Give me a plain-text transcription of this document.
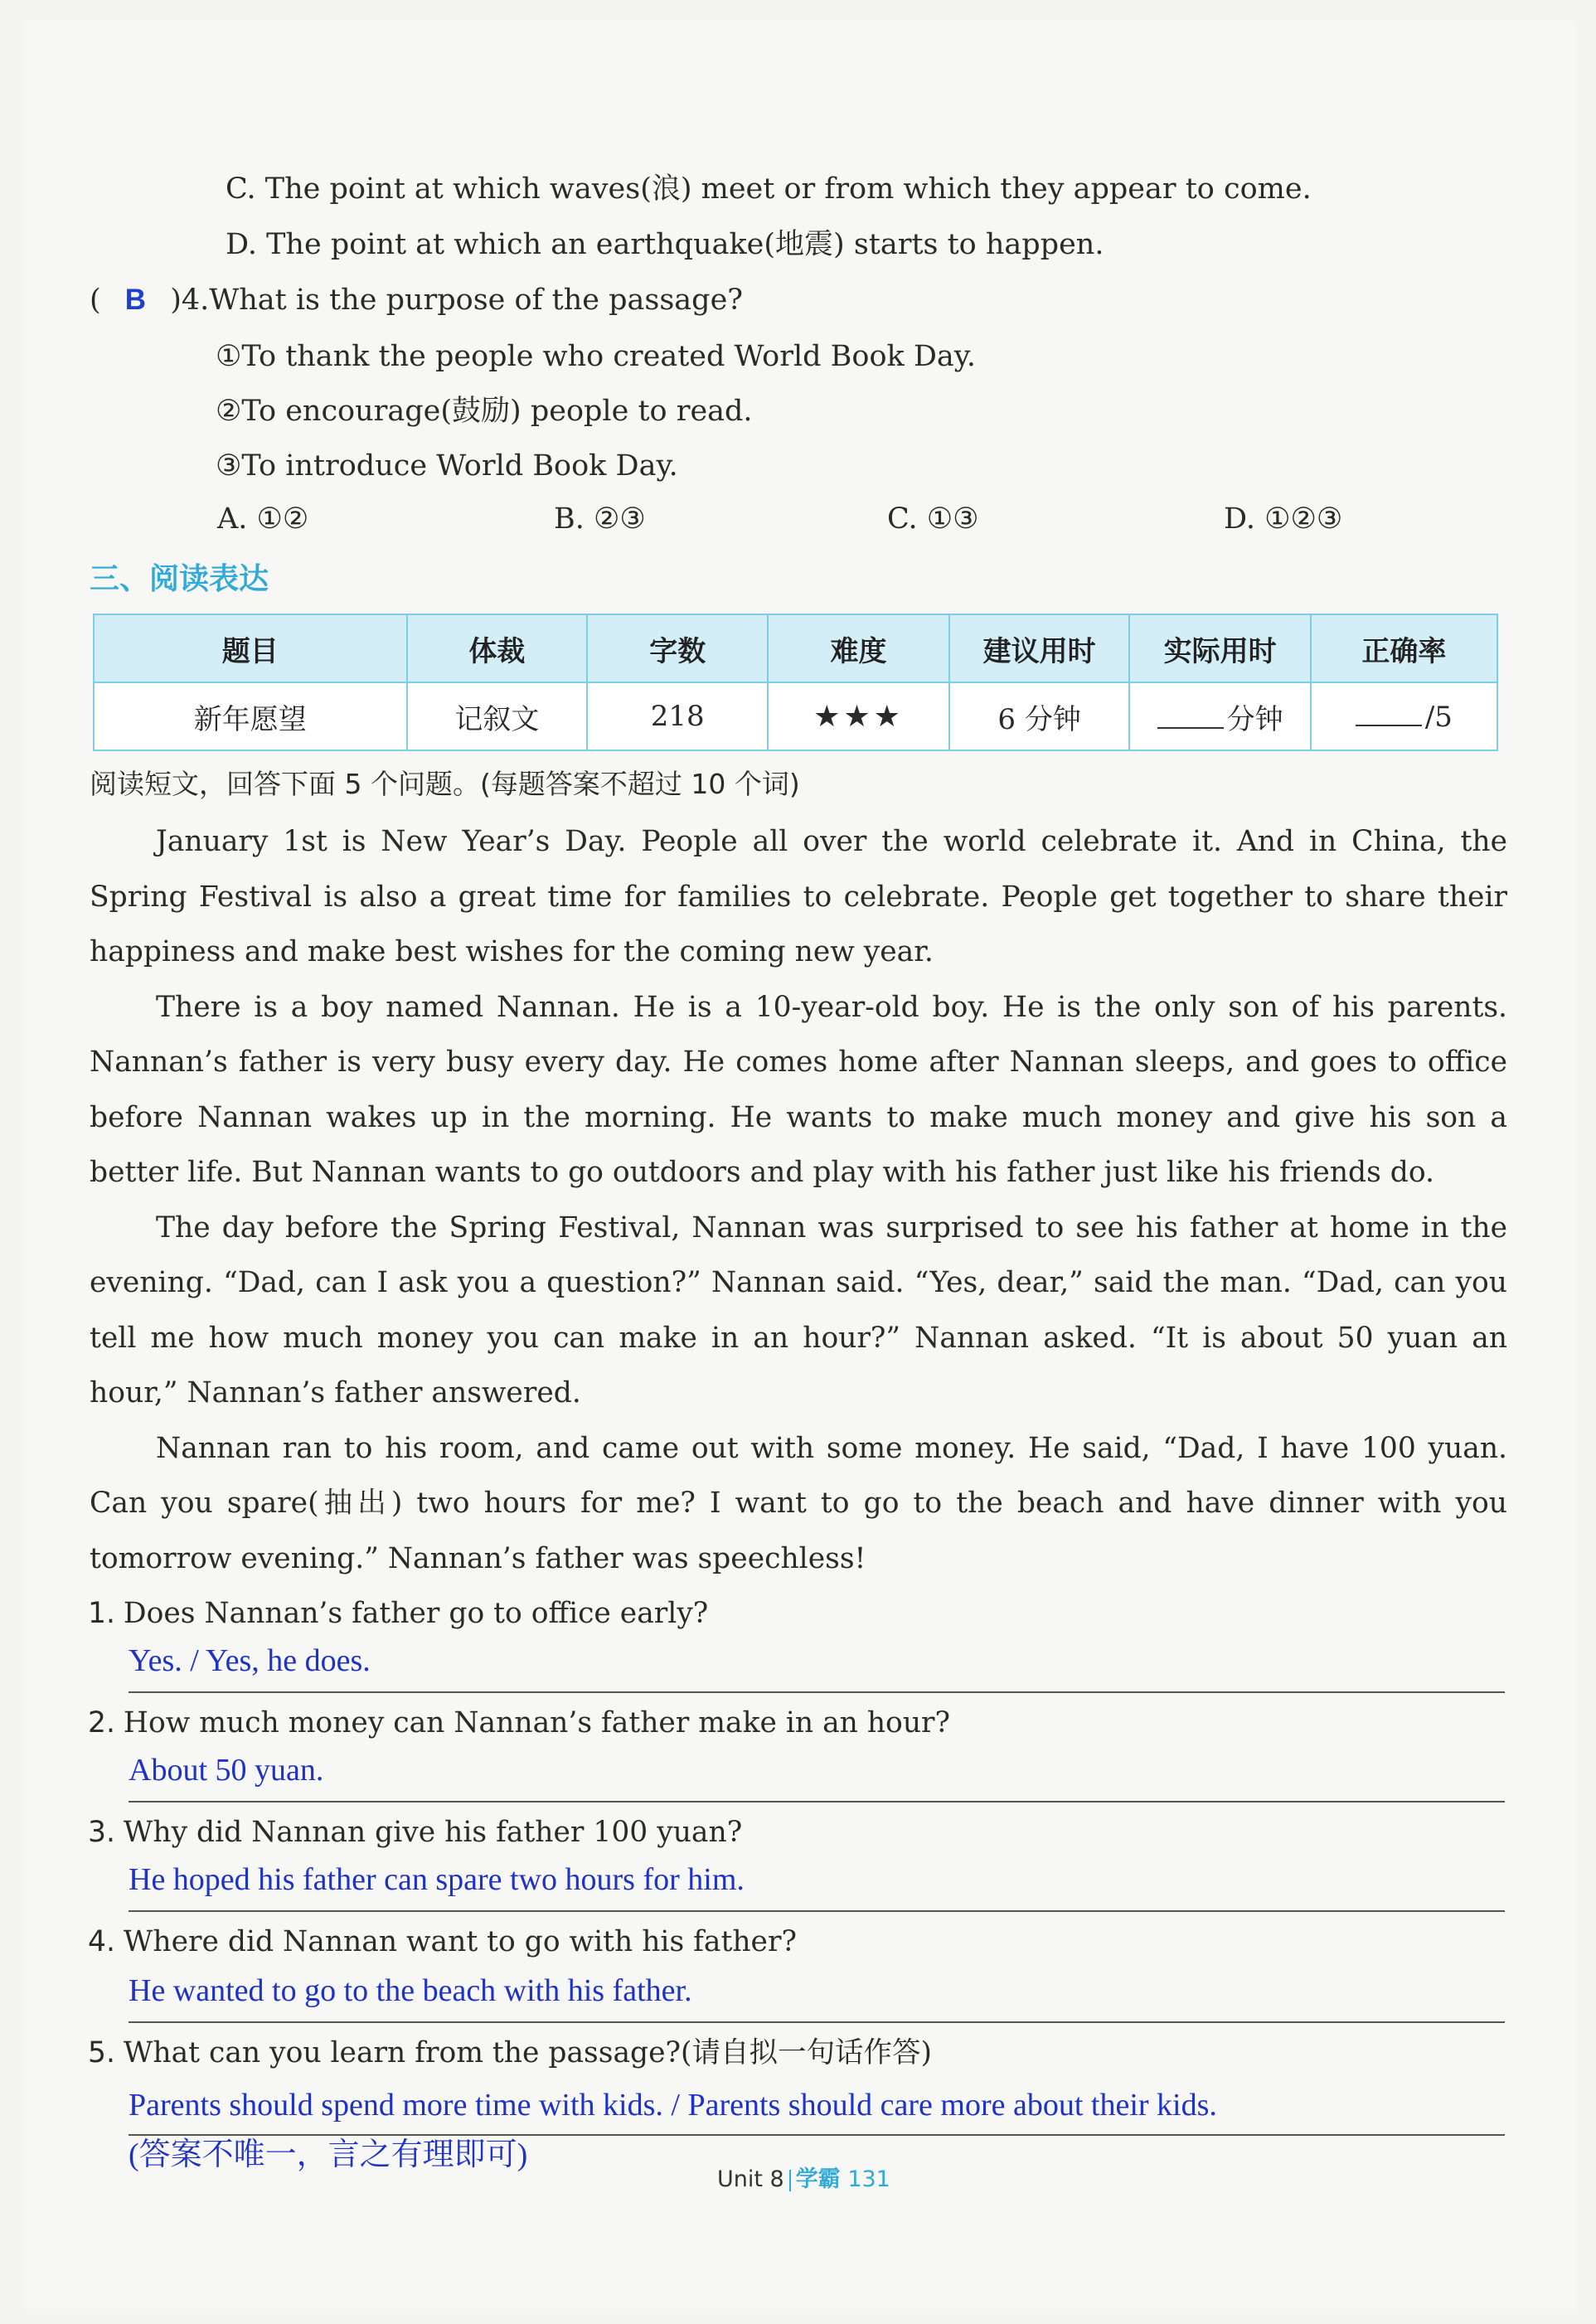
C. The point at which waves(浪) meet or from which they appear to come.
D. The point at which an earthquake(地震) starts to happen.
( B )4.What is the purpose of the passage?
①To thank the people who created World Book Day.
②To encourage(鼓励) people to read.
③To introduce World Book Day.
A. ①②	B. ②③	C. ①③	D. ①②③
三、阅读表达
题目	体裁	字数	难度	建议用时	实际用时	正确率
新年愿望	记叙文	218	★★★	6 分钟	分钟	/5
阅读短文，回答下面 5 个问题。(每题答案不超过 10 个词)
January 1st is New Year’s Day. People all over the world celebrate it. And in China, the Spring Festival is also a great time for families to celebrate. People get together to share their happiness and make best wishes for the coming new year.
There is a boy named Nannan. He is a 10-year-old boy. He is the only son of his parents. Nannan’s father is very busy every day. He comes home after Nannan sleeps, and goes to office before Nannan wakes up in the morning. He wants to make much money and give his son a better life. But Nannan wants to go outdoors and play with his father just like his friends do.
The day before the Spring Festival, Nannan was surprised to see his father at home in the evening. “Dad, can I ask you a question?” Nannan said. “Yes, dear,” said the man. “Dad, can you tell me how much money you can make in an hour?” Nannan asked. “It is about 50 yuan an hour,” Nannan’s father answered.
Nannan ran to his room, and came out with some money. He said, “Dad, I have 100 yuan. Can you spare(抽出) two hours for me? I want to go to the beach and have dinner with you tomorrow evening.” Nannan’s father was speechless!
1. Does Nannan’s father go to office early?
Yes. / Yes, he does.
2. How much money can Nannan’s father make in an hour?
About 50 yuan.
3. Why did Nannan give his father 100 yuan?
He hoped his father can spare two hours for him.
4. Where did Nannan want to go with his father?
He wanted to go to the beach with his father.
5. What can you learn from the passage?(请自拟一句话作答)
Parents should spend more time with kids. / Parents should care more about their kids.
(答案不唯一，言之有理即可)
Unit 8 学霸 131
